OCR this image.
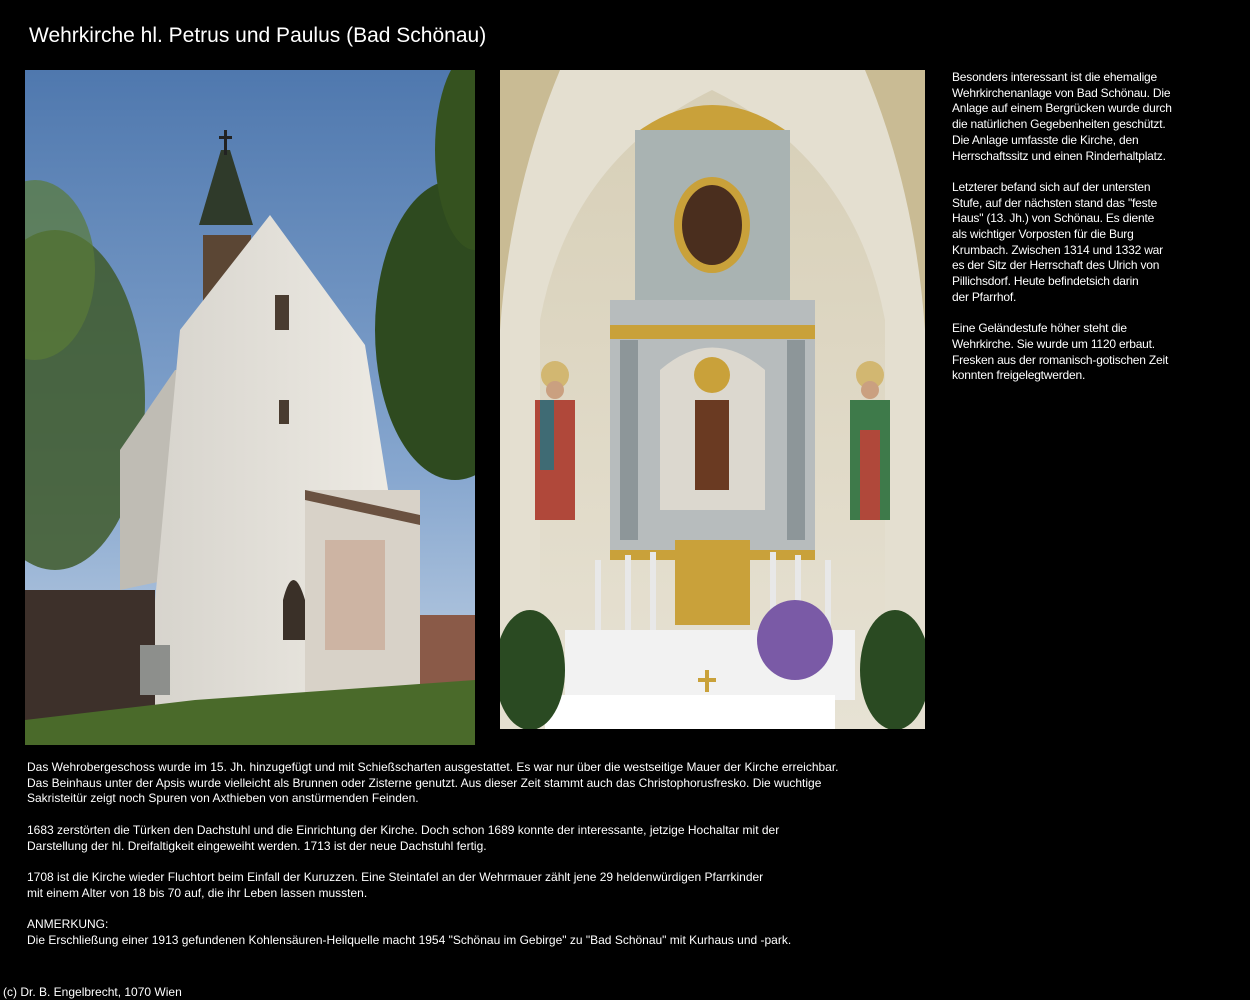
Wehrkirche hl. Petrus und Paulus (Bad Schönau)

Besonders interessant ist die ehemalige
Wehrkirchenanlage von Bad Schönau. Die
Anlage auf einem Bergrücken wurde durch
die natürlichen Gegebenheiten geschützt.
Die Anlage umfasste die Kirche, den
Herrschaftssitz und einen Rinderhaltplatz.

Letzterer befand sich auf der untersten
Stufe, auf der nächsten stand das "feste
Haus" (13. Jh.) von Schönau. Es diente
als wichtiger Vorposten für die Burg
Krumbach. Zwischen 1314 und 1332 war
es der Sitz der Herrschaft des Ulrich von
Pillichsdorf. Heute befindetsich darin
der Pfarrhof.

Eine Geländestufe höher steht die
Wehrkirche. Sie wurde um 1120 erbaut.
Fresken aus der romanisch-gotischen Zeit
konnten freigelegtwerden.

Das Wehrobergeschoss wurde im 15. Jh. hinzugefügt und mit Schießscharten ausgestattet. Es war nur über die westseitige Mauer der Kirche erreichbar.
Das Beinhaus unter der Apsis wurde vielleicht als Brunnen oder Zisterne genutzt. Aus dieser Zeit stammt auch das Christophorusfresko. Die wuchtige
Sakristeitür zeigt noch Spuren von Axthieben von anstürmenden Feinden.

1683 zerstörten die Türken den Dachstuhl und die Einrichtung der Kirche. Doch schon 1689 konnte der interessante, jetzige Hochaltar mit der
Darstellung der hl. Dreifaltigkeit eingeweiht werden. 1713 ist der neue Dachstuhl fertig.

1708 ist die Kirche wieder Fluchtort beim Einfall der Kuruzzen. Eine Steintafel an der Wehrmauer zählt jene 29 heldenwürdigen Pfarrkinder
mit einem Alter von 18 bis 70 auf, die ihr Leben lassen mussten.

ANMERKUNG:
Die Erschließung einer 1913 gefundenen Kohlensäuren-Heilquelle macht 1954 "Schönau im Gebirge" zu "Bad Schönau" mit Kurhaus und -park.

(c) Dr. B. Engelbrecht, 1070 Wien
